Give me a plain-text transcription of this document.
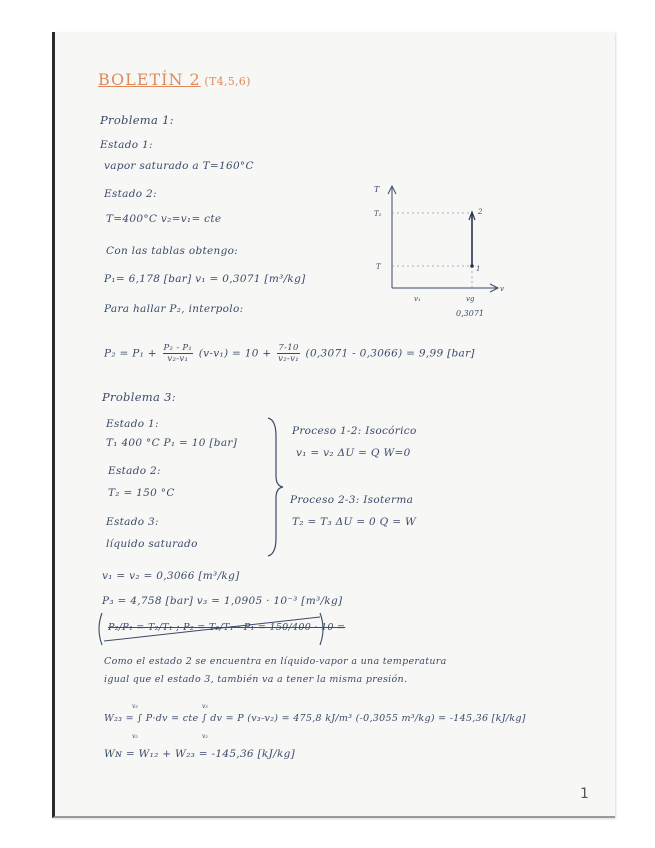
BOLETÍN 2 (T4,5,6)
Problema 1:
Estado 1:
vapor saturado a T=160°C
Estado 2:
T=400°C v₂=v₁= cte
Con las tablas obtengo:
P₁= 6,178 [bar] v₁ = 0,3071 [m³/kg]
Para hallar P₂, interpolo:
T
T₂
T
2
1
v
v₁	vg
0,3071
$P_2 = P_1 + \frac{\text{P₂ - P₁}}{\text{v₂-v₁}} (v-v_1) = 10 + \frac{7-10}{\text{v₂-v₁}} (0,3071 - 0,3066) = 9,99$ [bar]
Problema 3:
Estado 1:
T₁ 400 °C P₁ = 10 [bar]
Estado 2:
T₂ = 150 °C
Estado 3:
líquido saturado
Proceso 1-2: Isocórico
v₁ = v₂ ΔU = Q W=0
Proceso 2-3: Isoterma
T₂ = T₃ ΔU = 0 Q = W
v₁ = v₂ = 0,3066 [m³/kg]
P₃ = 4,758 [bar] v₃ = 1,0905 · 10⁻³ [m³/kg]
P₂/P₁ = T₂/T₁ ; P₂ = T₂/T₁ · P₁ = 150/400 · 10 =
Como el estado 2 se encuentra en líquido-vapor a una temperatura
igual que el estado 3, también va a tener la misma presión.
v₃
v₂
v₃
v₂
W₂₃ = ∫ P·dv = cte ∫ dv = P (v₃-v₂) = 475,8 kJ/m³ (-0,3055 m³/kg) = -145,36 [kJ/kg]
Wɴ = W₁₂ + W₂₃ = -145,36 [kJ/kg]
1
